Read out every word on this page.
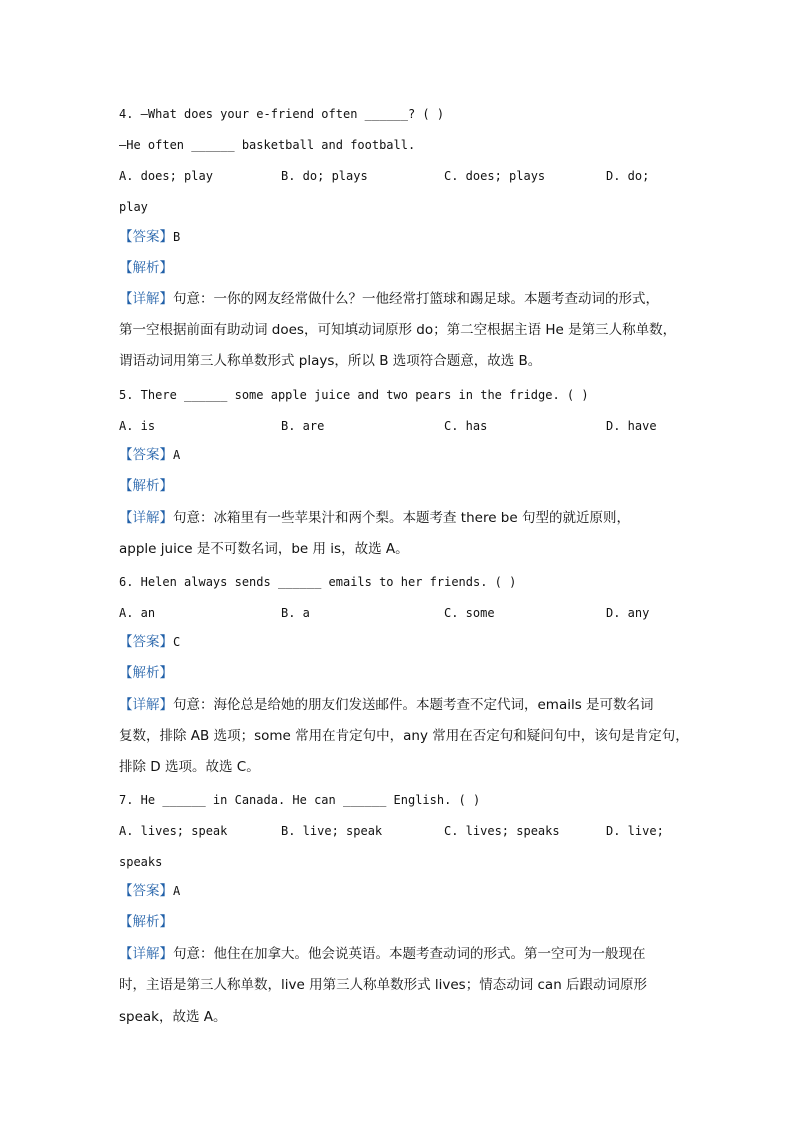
4. —What does your e-friend often ______? ( )
—He often ______ basketball and football.
A. does; play	B. do; plays	C. does; plays	D. do;
play
【答案】B
【解析】
【详解】句意：一你的网友经常做什么？一他经常打篮球和踢足球。本题考查动词的形式，
第一空根据前面有助动词 does，可知填动词原形 do；第二空根据主语 He 是第三人称单数，
谓语动词用第三人称单数形式 plays，所以 B 选项符合题意，故选 B。
5. There ______ some apple juice and two pears in the fridge. ( )
A. is	B. are	C. has	D. have
【答案】A
【解析】
【详解】句意：冰箱里有一些苹果汁和两个梨。本题考查 there be 句型的就近原则，
apple juice 是不可数名词，be 用 is，故选 A。
6. Helen always sends ______ emails to her friends. ( )
A. an	B. a	C. some	D. any
【答案】C
【解析】
【详解】句意：海伦总是给她的朋友们发送邮件。本题考查不定代词，emails 是可数名词
复数，排除 AB 选项；some 常用在肯定句中，any 常用在否定句和疑问句中，该句是肯定句，
排除 D 选项。故选 C。
7. He ______ in Canada. He can ______ English. ( )
A. lives; speak	B. live; speak	C. lives; speaks	D. live;
speaks
【答案】A
【解析】
【详解】句意：他住在加拿大。他会说英语。本题考查动词的形式。第一空可为一般现在
时，主语是第三人称单数，live 用第三人称单数形式 lives；情态动词 can 后跟动词原形
speak，故选 A。
